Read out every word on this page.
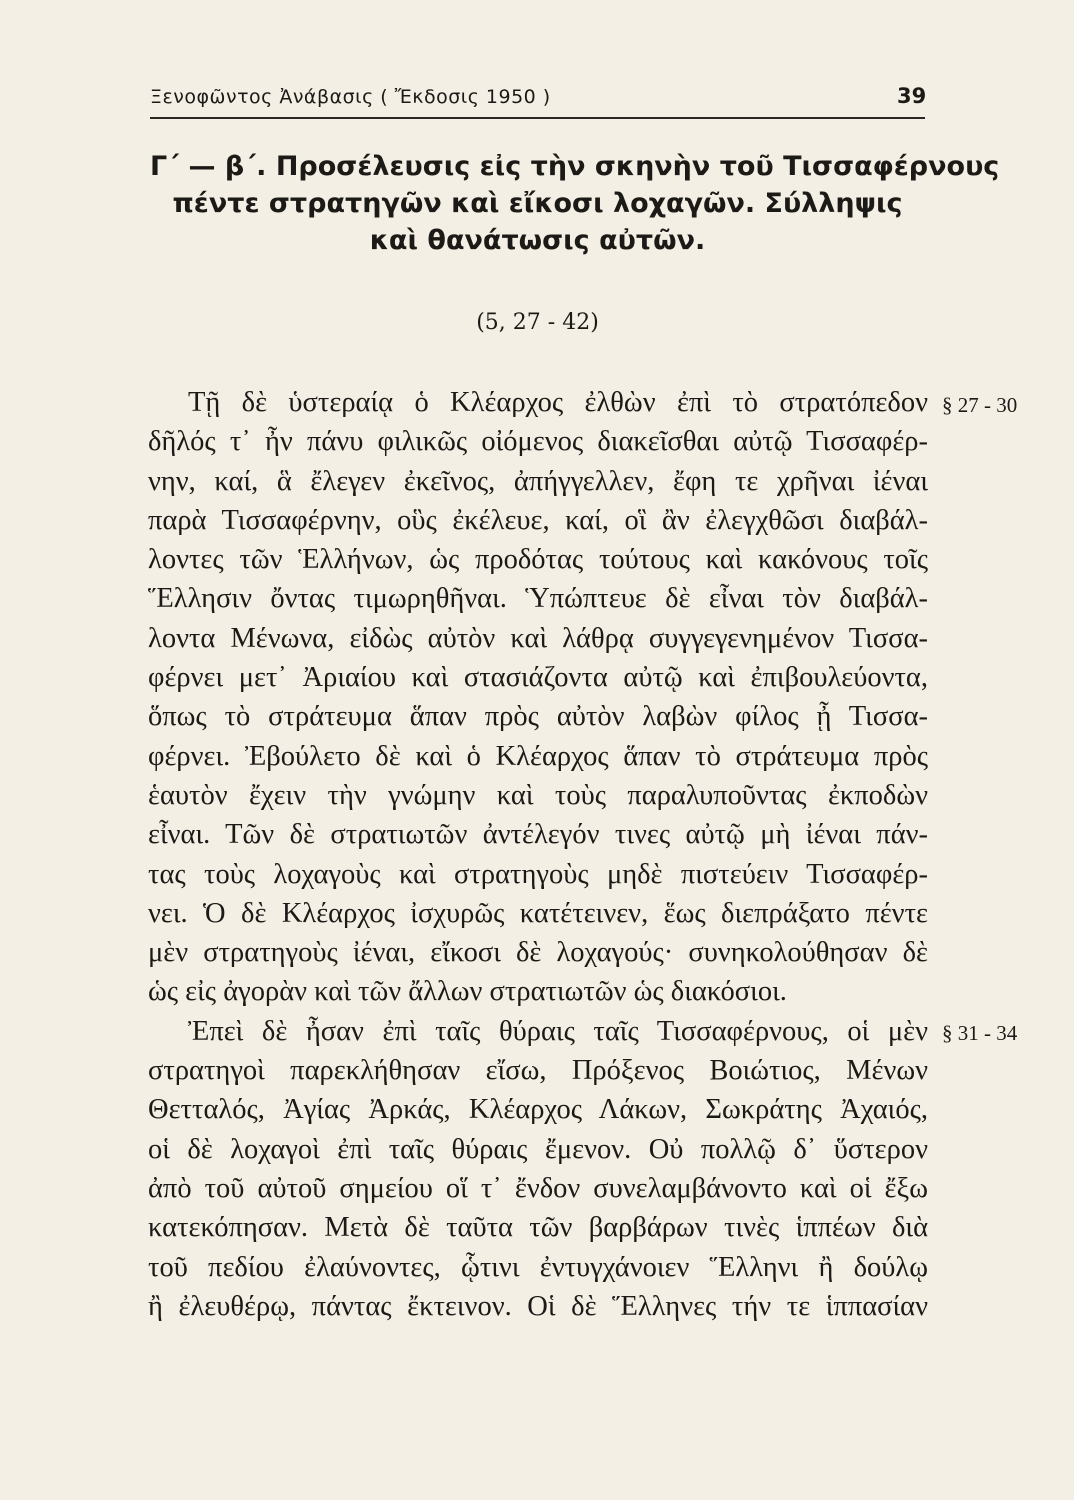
Ξενοφῶντος Ἀνάβασις ( Ἔκδοσις 1950 )	39
Γ΄ — β΄. Προσέλευσις εἰς τὴν σκηνὴν τοῦ Τισσαφέρνους
πέντε στρατηγῶν καὶ εἴκοσι λοχαγῶν. Σύλληψις
καὶ θανάτωσις αὐτῶν.
(5, 27 - 42)
§ 27 - 30
§ 31 - 34
Τῇ δὲ ὑστεραίᾳ ὁ Κλέαρχος ἐλθὼν ἐπὶ τὸ στρατόπεδον
δῆλός τ᾽ ἦν πάνυ φιλικῶς οἰόμενος διακεῖσθαι αὐτῷ Τισσαφέρ-
νην, καί, ἃ ἔλεγεν ἐκεῖνος, ἀπήγγελλεν, ἔφη τε χρῆναι ἰέναι
παρὰ Τισσαφέρνην, οὓς ἐκέλευε, καί, οἳ ἂν ἐλεγχθῶσι διαβάλ-
λοντες τῶν Ἑλλήνων, ὡς προδότας τούτους καὶ κακόνους τοῖς
Ἕλλησιν ὄντας τιμωρηθῆναι. Ὑπώπτευε δὲ εἶναι τὸν διαβάλ-
λοντα Μένωνα, εἰδὼς αὐτὸν καὶ λάθρᾳ συγγεγενημένον Τισσα-
φέρνει μετ᾽ Ἀριαίου καὶ στασιάζοντα αὐτῷ καὶ ἐπιβουλεύοντα,
ὅπως τὸ στράτευμα ἅπαν πρὸς αὐτὸν λαβὼν φίλος ᾖ Τισσα-
φέρνει. Ἐβούλετο δὲ καὶ ὁ Κλέαρχος ἅπαν τὸ στράτευμα πρὸς
ἑαυτὸν ἔχειν τὴν γνώμην καὶ τοὺς παραλυποῦντας ἐκποδὼν
εἶναι. Τῶν δὲ στρατιωτῶν ἀντέλεγόν τινες αὐτῷ μὴ ἰέναι πάν-
τας τοὺς λοχαγοὺς καὶ στρατηγοὺς μηδὲ πιστεύειν Τισσαφέρ-
νει. Ὁ δὲ Κλέαρχος ἰσχυρῶς κατέτεινεν, ἕως διεπράξατο πέντε
μὲν στρατηγοὺς ἰέναι, εἴκοσι δὲ λοχαγούς· συνηκολούθησαν δὲ
ὡς εἰς ἀγορὰν καὶ τῶν ἄλλων στρατιωτῶν ὡς διακόσιοι.
Ἐπεὶ δὲ ἦσαν ἐπὶ ταῖς θύραις ταῖς Τισσαφέρνους, οἱ μὲν
στρατηγοὶ παρεκλήθησαν εἴσω, Πρόξενος Βοιώτιος, Μένων
Θετταλός, Ἀγίας Ἀρκάς, Κλέαρχος Λάκων, Σωκράτης Ἀχαιός,
οἱ δὲ λοχαγοὶ ἐπὶ ταῖς θύραις ἔμενον. Οὐ πολλῷ δ᾽ ὕστερον
ἀπὸ τοῦ αὐτοῦ σημείου οἵ τ᾽ ἔνδον συνελαμβάνοντο καὶ οἱ ἔξω
κατεκόπησαν. Μετὰ δὲ ταῦτα τῶν βαρβάρων τινὲς ἱππέων διὰ
τοῦ πεδίου ἐλαύνοντες, ᾧτινι ἐντυγχάνοιεν Ἕλληνι ἢ δούλῳ
ἢ ἐλευθέρῳ, πάντας ἔκτεινον. Οἱ δὲ Ἕλληνες τήν τε ἱππασίαν
